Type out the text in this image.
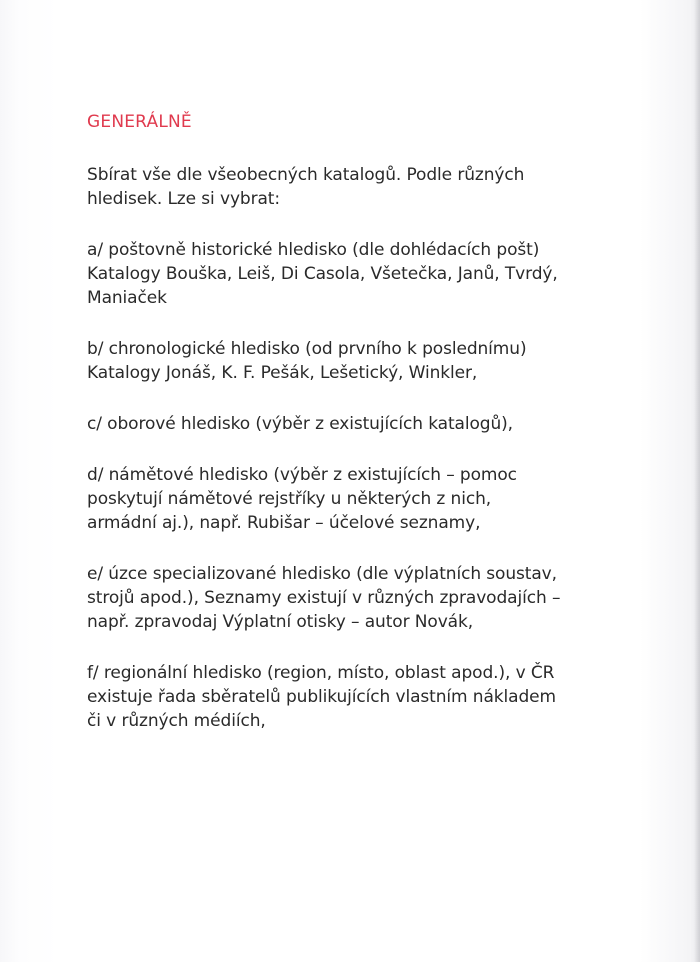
GENERÁLNĚ
Sbírat vše dle všeobecných katalogů. Podle různých
hledisek. Lze si vybrat:
a/ poštovně historické hledisko (dle dohlédacích pošt)
Katalogy Bouška, Leiš, Di Casola, Všetečka, Janů, Tvrdý,
Maniaček
b/ chronologické hledisko (od prvního k poslednímu)
Katalogy Jonáš, K. F. Pešák, Lešetický, Winkler,
c/ oborové hledisko (výběr z existujících katalogů),
d/ námětové hledisko (výběr z existujících – pomoc
poskytují námětové rejstříky u některých z nich,
armádní aj.), např. Rubišar – účelové seznamy,
e/ úzce specializované hledisko (dle výplatních soustav,
strojů apod.), Seznamy existují v různých zpravodajích –
např. zpravodaj Výplatní otisky – autor Novák,
f/ regionální hledisko (region, místo, oblast apod.), v ČR
existuje řada sběratelů publikujících vlastním nákladem
či v různých médiích,
